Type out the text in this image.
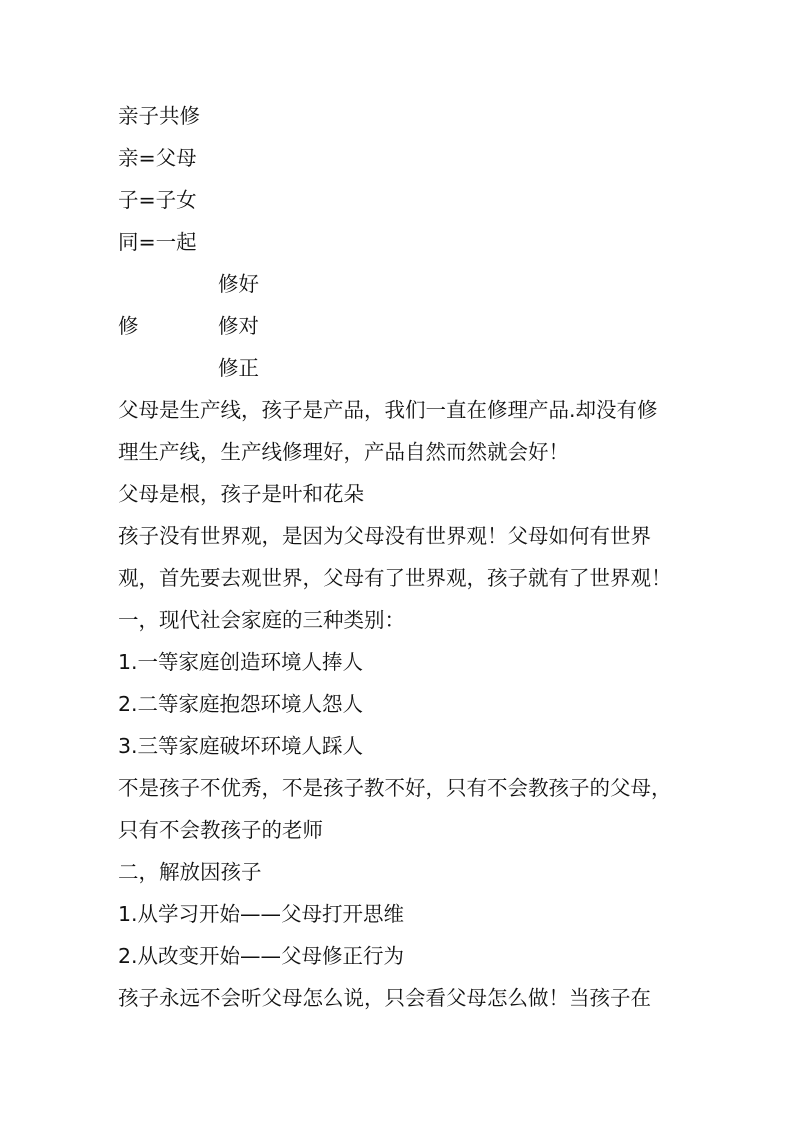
亲子共修
亲=父母
子=子女
同=一起
修好
修	修对
修正
父母是生产线，孩子是产品，我们一直在修理产品.却没有修
理生产线，生产线修理好，产品自然而然就会好！
父母是根，孩子是叶和花朵
孩子没有世界观，是因为父母没有世界观！父母如何有世界
观，首先要去观世界，父母有了世界观，孩子就有了世界观！
一，现代社会家庭的三种类别：
1.一等家庭创造环境人捧人
2.二等家庭抱怨环境人怨人
3.三等家庭破坏环境人踩人
不是孩子不优秀，不是孩子教不好，只有不会教孩子的父母，
只有不会教孩子的老师
二，解放因孩子
1.从学习开始——父母打开思维
2.从改变开始——父母修正行为
孩子永远不会听父母怎么说，只会看父母怎么做！当孩子在
